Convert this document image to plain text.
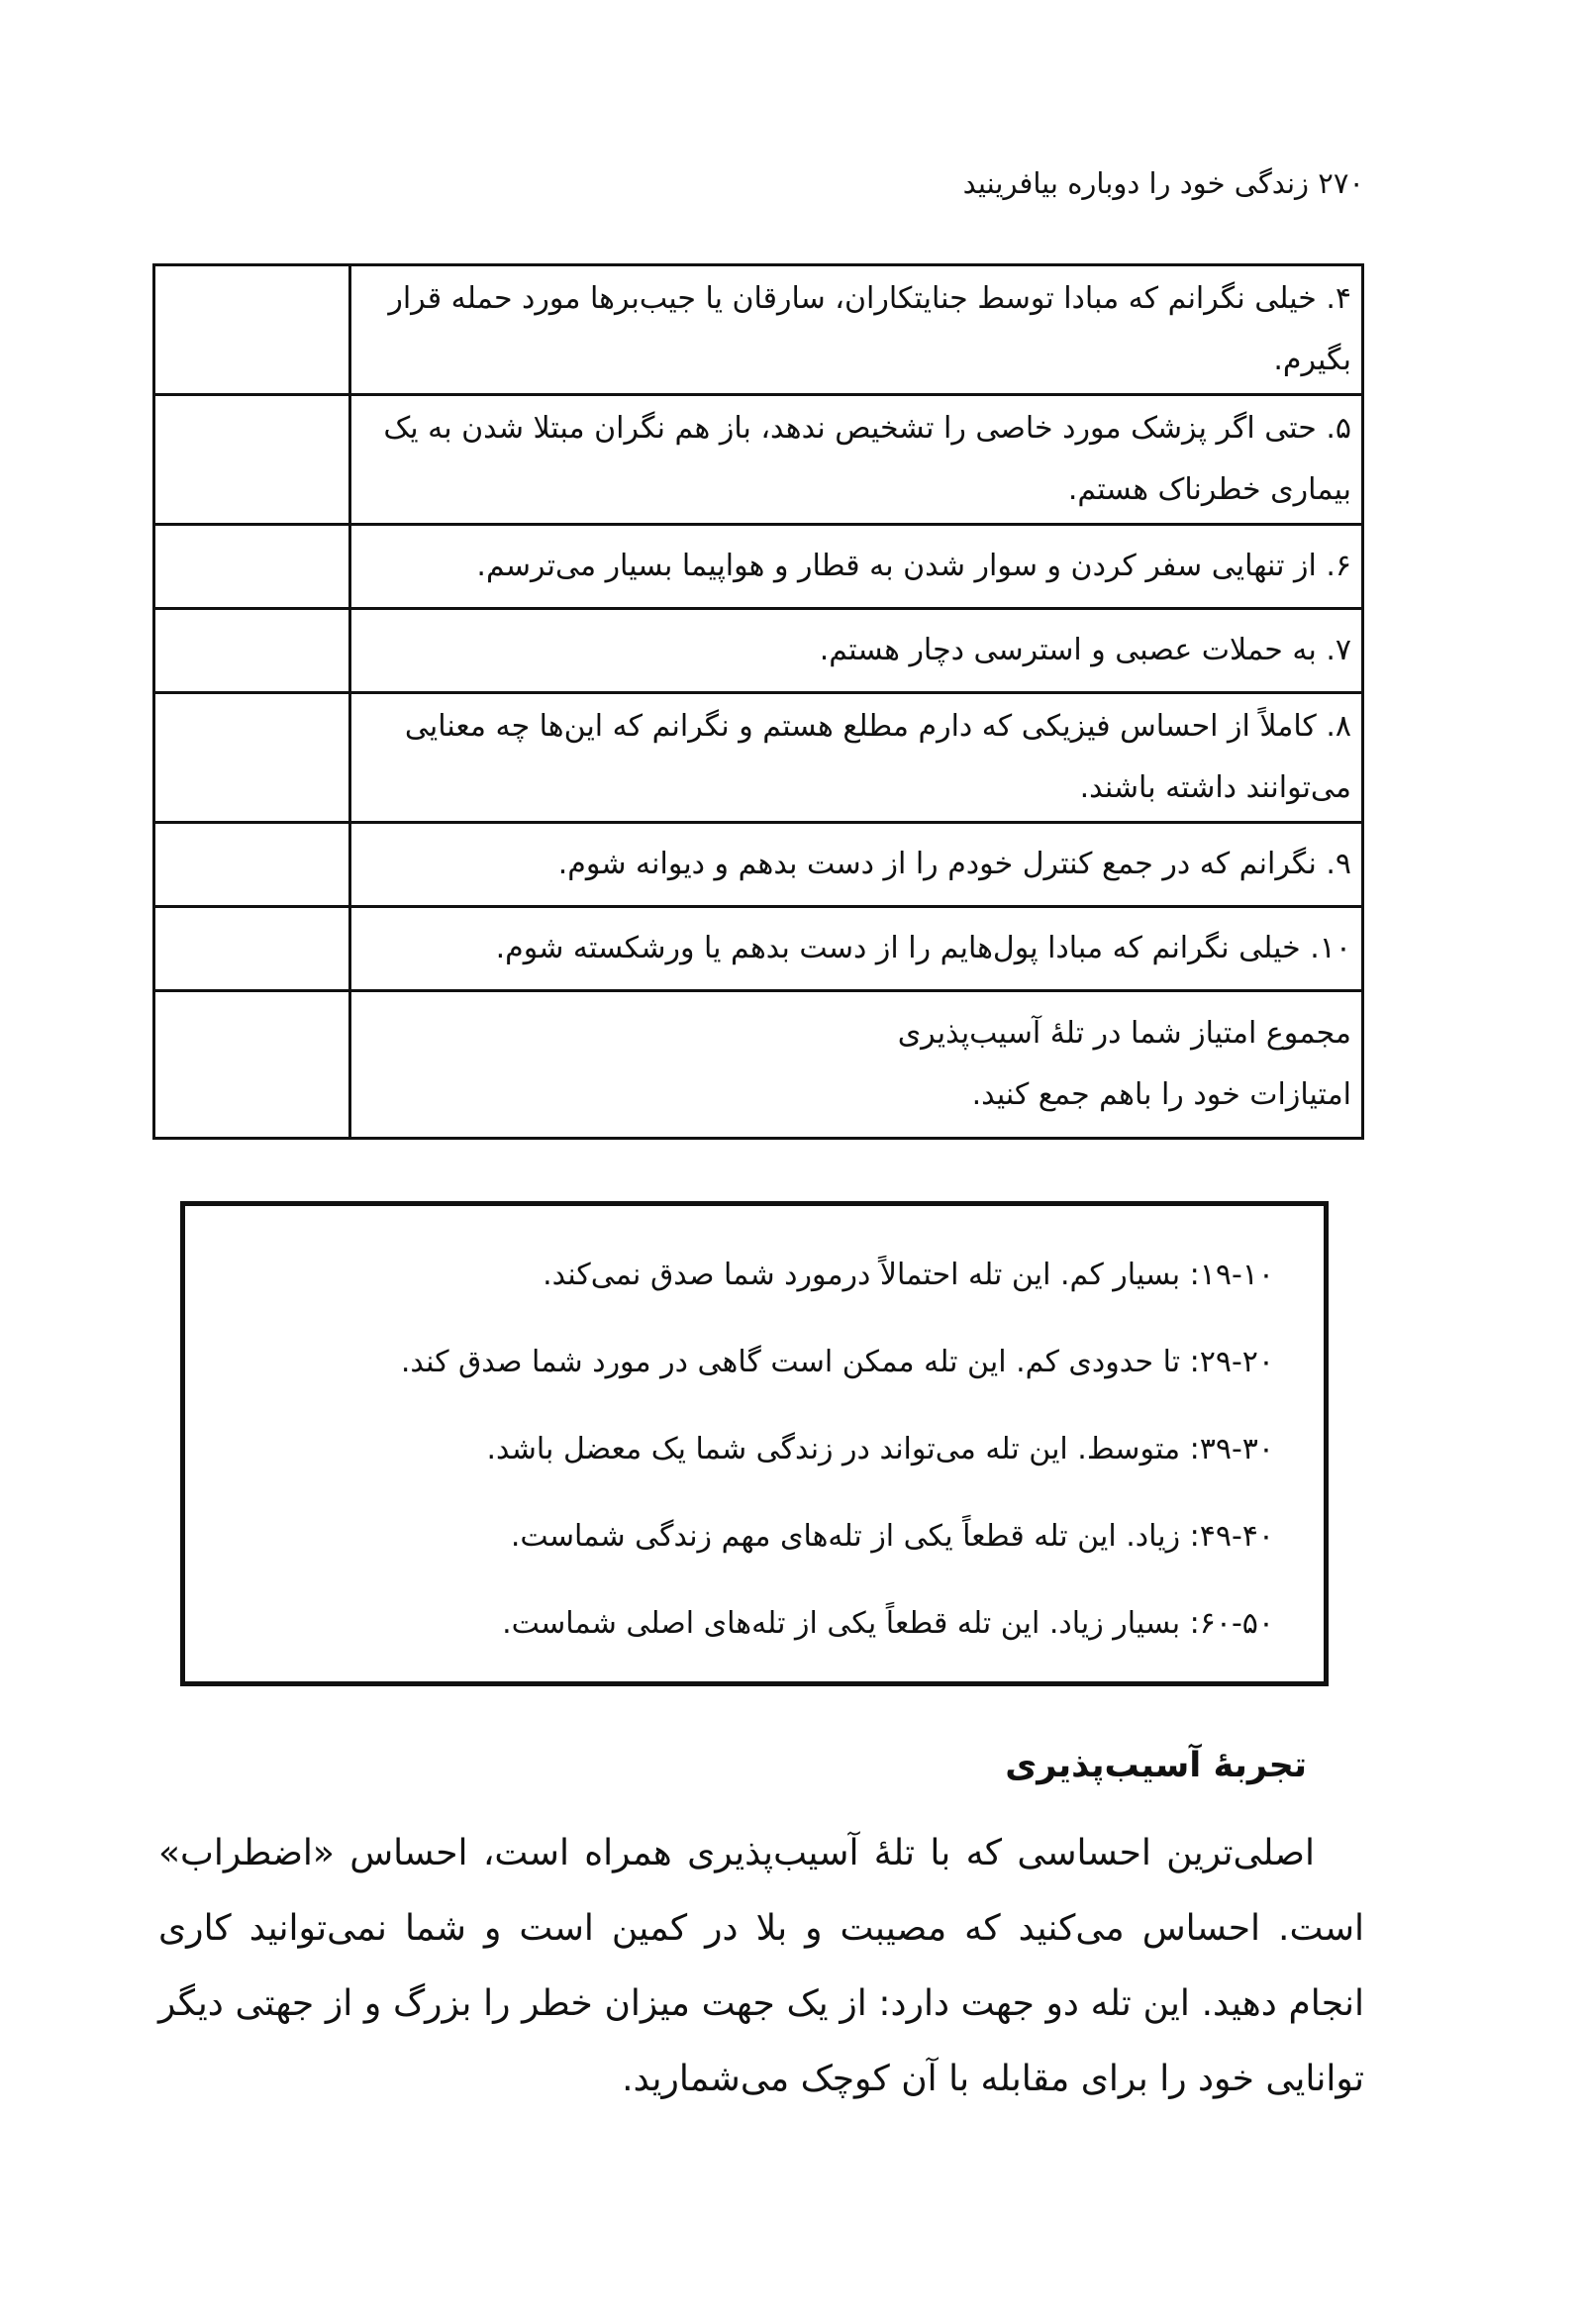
۲۷۰ زندگی خود را دوباره بیافرینید
۴. خیلی نگرانم که مبادا توسط جنایتکاران، سارقان یا جیب‌برها مورد حمله قرار بگیرم.	
۵. حتی اگر پزشک مورد خاصی را تشخیص ندهد، باز هم نگران مبتلا شدن به یک بیماری خطرناک هستم.	
۶. از تنهایی سفر کردن و سوار شدن به قطار و هواپیما بسیار می‌ترسم.	
۷. به حملات عصبی و استرسی دچار هستم.	
۸. کاملاً از احساس فیزیکی که دارم مطلع هستم و نگرانم که این‌ها چه معنایی می‌توانند داشته باشند.	
۹. نگرانم که در جمع کنترل خودم را از دست بدهم و دیوانه شوم.	
۱۰. خیلی نگرانم که مبادا پول‌هایم را از دست بدهم یا ورشکسته شوم.	

مجموع امتیاز شما در تلهٔ آسیب‌پذیری
امتیازات خود را باهم جمع کنید.	

۱۹-۱۰: بسیار کم. این تله احتمالاً درمورد شما صدق نمی‌کند.
۲۹-۲۰: تا حدودی کم. این تله ممکن است گاهی در مورد شما صدق کند.
۳۹-۳۰: متوسط. این تله می‌تواند در زندگی شما یک معضل باشد.
۴۹-۴۰: زیاد. این تله قطعاً یکی از تله‌های مهم زندگی شماست.
۶۰-۵۰: بسیار زیاد. این تله قطعاً یکی از تله‌های اصلی شماست.
تجربهٔ آسیب‌پذیری

اصلی‌ترین احساسی که با تلهٔ آسیب‌پذیری همراه است، احساس «اضطراب» است. احساس می‌کنید که مصیبت و بلا در کمین است و شما نمی‌توانید کاری انجام دهید. این تله دو جهت دارد: از یک جهت میزان خطر را بزرگ و از جهتی دیگر توانایی خود را برای مقابله با آن کوچک می‌شمارید.
